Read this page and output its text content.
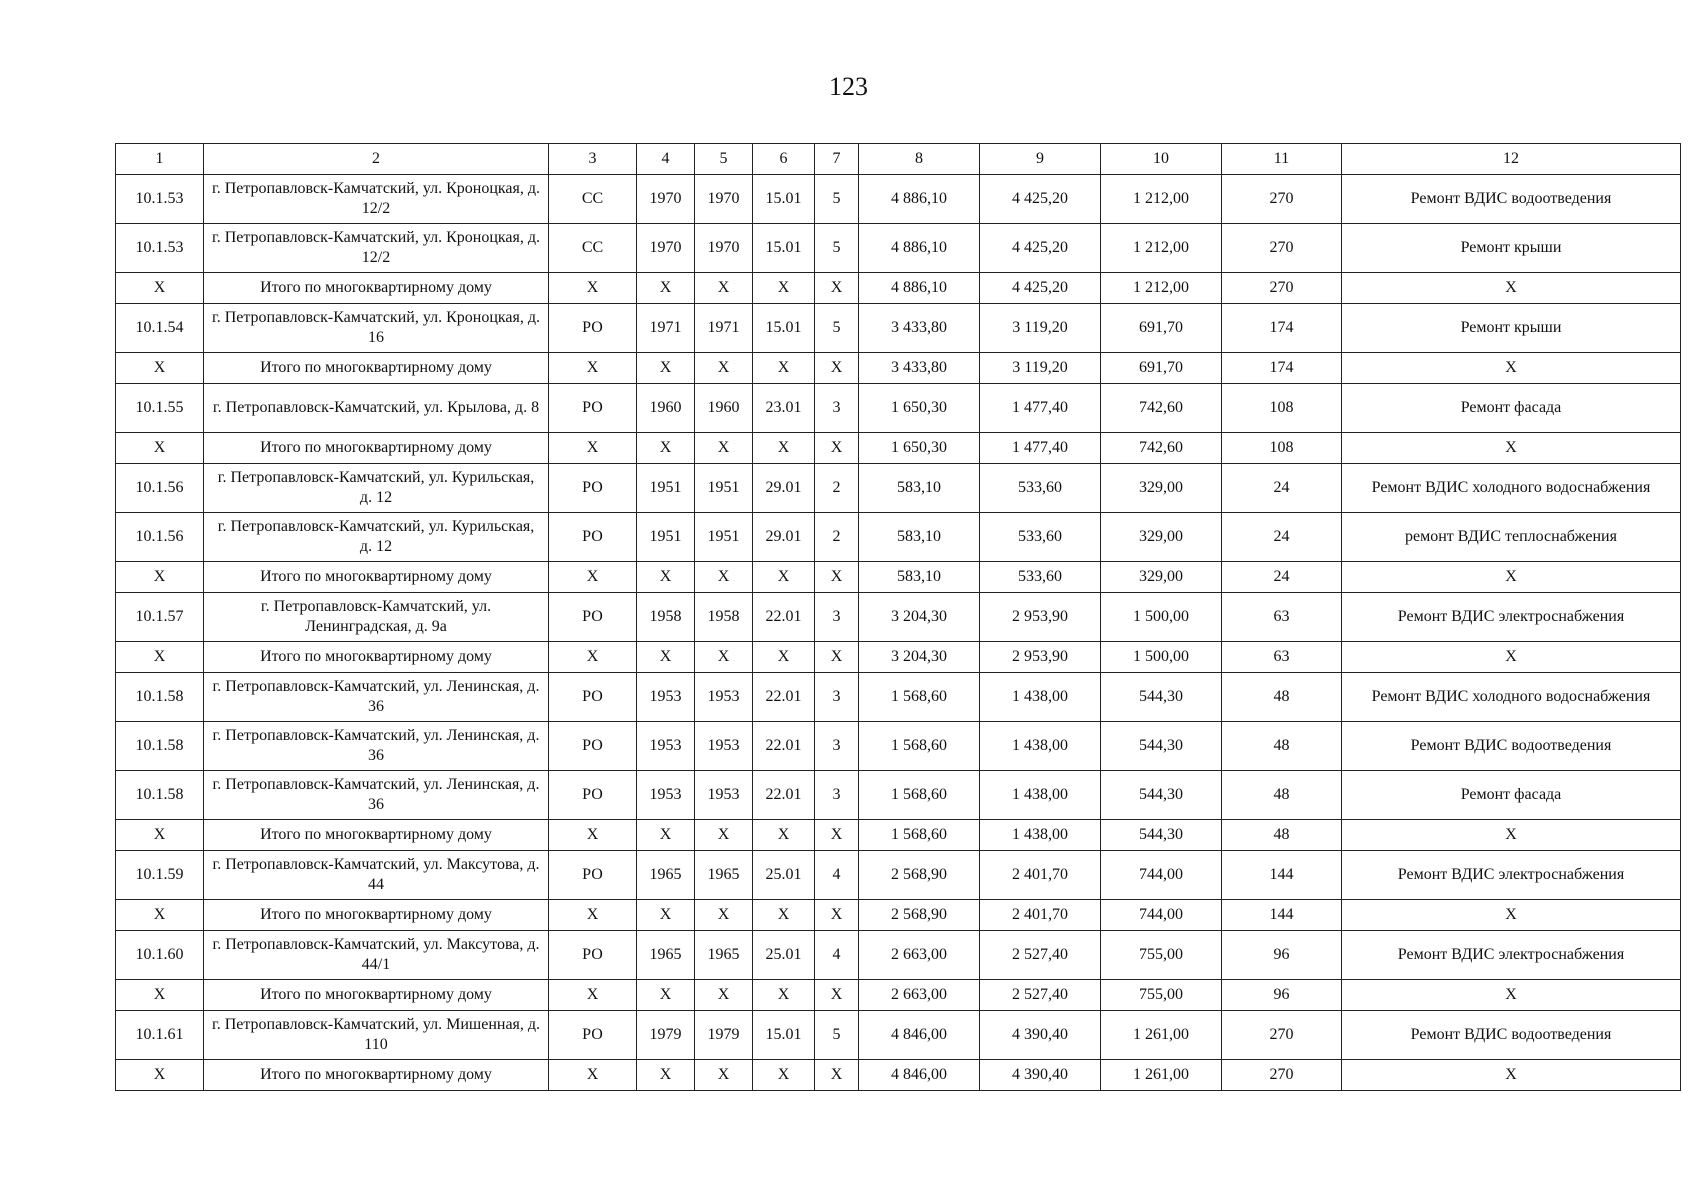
123
1	2	3	4	5	6	7	8	9	10	11	12
10.1.53	г. Петропавловск-Камчатский, ул. Кроноцкая, д. 12/2	СС	1970	1970	15.01	5	4 886,10	4 425,20	1 212,00	270	Ремонт ВДИС водоотведения
10.1.53	г. Петропавловск-Камчатский, ул. Кроноцкая, д. 12/2	СС	1970	1970	15.01	5	4 886,10	4 425,20	1 212,00	270	Ремонт крыши
Х	Итого по многоквартирному дому	Х	Х	Х	Х	Х	4 886,10	4 425,20	1 212,00	270	Х
10.1.54	г. Петропавловск-Камчатский, ул. Кроноцкая, д. 16	РО	1971	1971	15.01	5	3 433,80	3 119,20	691,70	174	Ремонт крыши
Х	Итого по многоквартирному дому	Х	Х	Х	Х	Х	3 433,80	3 119,20	691,70	174	Х
10.1.55	г. Петропавловск-Камчатский, ул. Крылова, д. 8	РО	1960	1960	23.01	3	1 650,30	1 477,40	742,60	108	Ремонт фасада
Х	Итого по многоквартирному дому	Х	Х	Х	Х	Х	1 650,30	1 477,40	742,60	108	Х
10.1.56	г. Петропавловск-Камчатский, ул. Курильская, д. 12	РО	1951	1951	29.01	2	583,10	533,60	329,00	24	Ремонт ВДИС холодного водоснабжения
10.1.56	г. Петропавловск-Камчатский, ул. Курильская, д. 12	РО	1951	1951	29.01	2	583,10	533,60	329,00	24	ремонт ВДИС теплоснабжения
Х	Итого по многоквартирному дому	Х	Х	Х	Х	Х	583,10	533,60	329,00	24	Х
10.1.57	г. Петропавловск-Камчатский, ул. Ленинградская, д. 9а	РО	1958	1958	22.01	3	3 204,30	2 953,90	1 500,00	63	Ремонт ВДИС электроснабжения
Х	Итого по многоквартирному дому	Х	Х	Х	Х	Х	3 204,30	2 953,90	1 500,00	63	Х
10.1.58	г. Петропавловск-Камчатский, ул. Ленинская, д. 36	РО	1953	1953	22.01	3	1 568,60	1 438,00	544,30	48	Ремонт ВДИС холодного водоснабжения
10.1.58	г. Петропавловск-Камчатский, ул. Ленинская, д. 36	РО	1953	1953	22.01	3	1 568,60	1 438,00	544,30	48	Ремонт ВДИС водоотведения
10.1.58	г. Петропавловск-Камчатский, ул. Ленинская, д. 36	РО	1953	1953	22.01	3	1 568,60	1 438,00	544,30	48	Ремонт фасада
Х	Итого по многоквартирному дому	Х	Х	Х	Х	Х	1 568,60	1 438,00	544,30	48	Х
10.1.59	г. Петропавловск-Камчатский, ул. Максутова, д. 44	РО	1965	1965	25.01	4	2 568,90	2 401,70	744,00	144	Ремонт ВДИС электроснабжения
Х	Итого по многоквартирному дому	Х	Х	Х	Х	Х	2 568,90	2 401,70	744,00	144	Х
10.1.60	г. Петропавловск-Камчатский, ул. Максутова, д. 44/1	РО	1965	1965	25.01	4	2 663,00	2 527,40	755,00	96	Ремонт ВДИС электроснабжения
Х	Итого по многоквартирному дому	Х	Х	Х	Х	Х	2 663,00	2 527,40	755,00	96	Х
10.1.61	г. Петропавловск-Камчатский, ул. Мишенная, д. 110	РО	1979	1979	15.01	5	4 846,00	4 390,40	1 261,00	270	Ремонт ВДИС водоотведения
Х	Итого по многоквартирному дому	Х	Х	Х	Х	Х	4 846,00	4 390,40	1 261,00	270	Х
